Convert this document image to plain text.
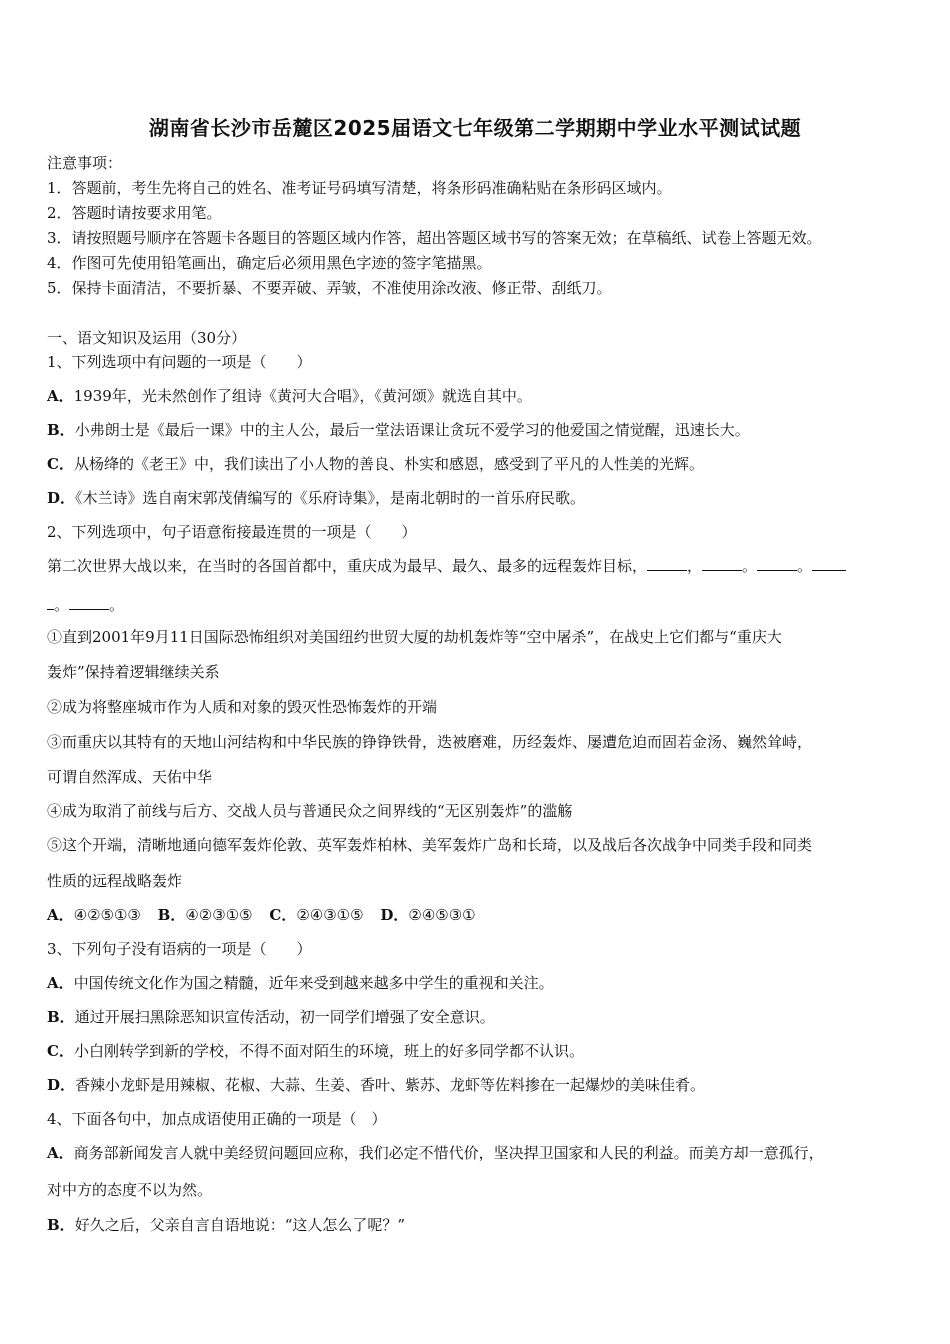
湖南省长沙市岳麓区2025届语文七年级第二学期期中学业水平测试试题
注意事项：
1．答题前，考生先将自己的姓名、准考证号码填写清楚，将条形码准确粘贴在条形码区域内。
2．答题时请按要求用笔。
3．请按照题号顺序在答题卡各题目的答题区域内作答，超出答题区域书写的答案无效；在草稿纸、试卷上答题无效。
4．作图可先使用铅笔画出，确定后必须用黑色字迹的签字笔描黑。
5．保持卡面清洁，不要折暴、不要弄破、弄皱，不准使用涂改液、修正带、刮纸刀。
一、语文知识及运用（30分）
1、下列选项中有问题的一项是（　　）
A．1939年，光未然创作了组诗《黄河大合唱》，《黄河颂》就选自其中。
B．小弗朗士是《最后一课》中的主人公，最后一堂法语课让贪玩不爱学习的他爱国之情觉醒，迅速长大。
C．从杨绛的《老王》中，我们读出了小人物的善良、朴实和感恩，感受到了平凡的人性美的光辉。
D．《木兰诗》选自南宋郭茂倩编写的《乐府诗集》，是南北朝时的一首乐府民歌。
2、下列选项中，句子语意衔接最连贯的一项是（　　）
第二次世界大战以来，在当时的各国首都中，重庆成为最早、最久、最多的远程轰炸目标，	，	。	。
。	。
①直到2001年9月11日国际恐怖组织对美国纽约世贸大厦的劫机轰炸等“空中屠杀”，在战史上它们都与“重庆大
轰炸”保持着逻辑继续关系
②成为将整座城市作为人质和对象的毁灭性恐怖轰炸的开端
③而重庆以其特有的天地山河结构和中华民族的铮铮铁骨，迭被磨难，历经轰炸、屡遭危迫而固若金汤、巍然耸峙，
可谓自然浑成、天佑中华
④成为取消了前线与后方、交战人员与普通民众之间界线的“无区别轰炸”的滥觞
⑤这个开端，清晰地通向德军轰炸伦敦、英军轰炸柏林、美军轰炸广岛和长琦，以及战后各次战争中同类手段和同类
性质的远程战略轰炸
A．④②⑤①③ B．④②③①⑤ C．②④③①⑤ D．②④⑤③①
3、下列句子没有语病的一项是（　　）
A．中国传统文化作为国之精髓，近年来受到越来越多中学生的重视和关注。
B．通过开展扫黑除恶知识宣传活动，初一同学们增强了安全意识。
C．小白刚转学到新的学校，不得不面对陌生的环境，班上的好多同学都不认识。
D．香辣小龙虾是用辣椒、花椒、大蒜、生姜、香叶、紫苏、龙虾等佐料掺在一起爆炒的美味佳肴。
4、下面各句中，加点成语使用正确的一项是（　）
A．商务部新闻发言人就中美经贸问题回应称，我们必定不惜代价，坚决捍卫国家和人民的利益。而美方却一意孤行，
对中方的态度不以为然。
B．好久之后，父亲自言自语地说：“这人怎么了呢？”
